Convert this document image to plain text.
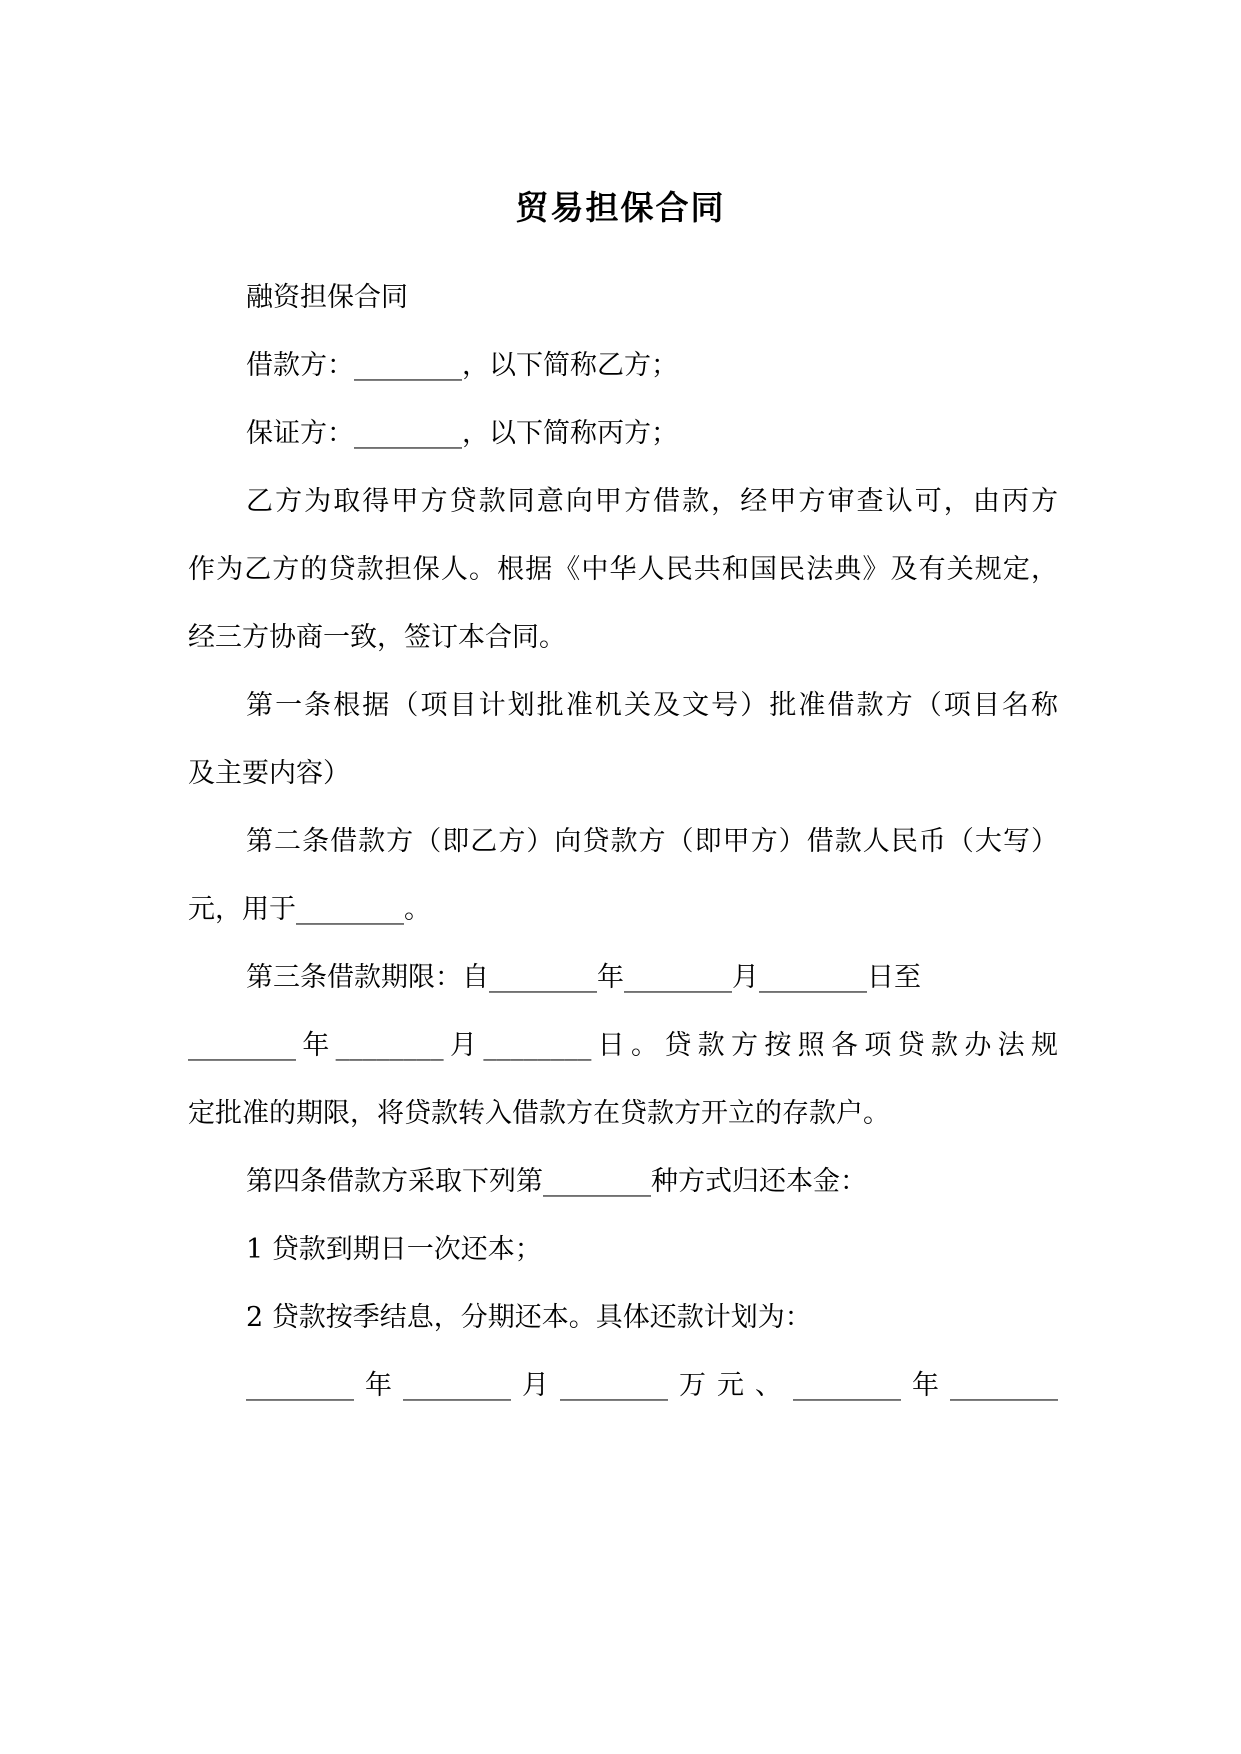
贸易担保合同
融资担保合同
借款方：________，以下简称乙方；
保证方：________，以下简称丙方；
乙方为取得甲方贷款同意向甲方借款，经甲方审查认可，由丙方
作为乙方的贷款担保人。根据《中华人民共和国民法典》及有关规定，
经三方协商一致，签订本合同。
第一条根据（项目计划批准机关及文号）批准借款方（项目名称
及主要内容）
第二条借款方（即乙方）向贷款方（即甲方）借款人民币（大写）
元，用于________。
第三条借款期限：自________年________月________日至
________年________月________日。贷款方按照各项贷款办法规
定批准的期限，将贷款转入借款方在贷款方开立的存款户。
第四条借款方采取下列第________种方式归还本金：
1 贷款到期日一次还本；
2 贷款按季结息，分期还本。具体还款计划为：
________年________月________万元、________年________
